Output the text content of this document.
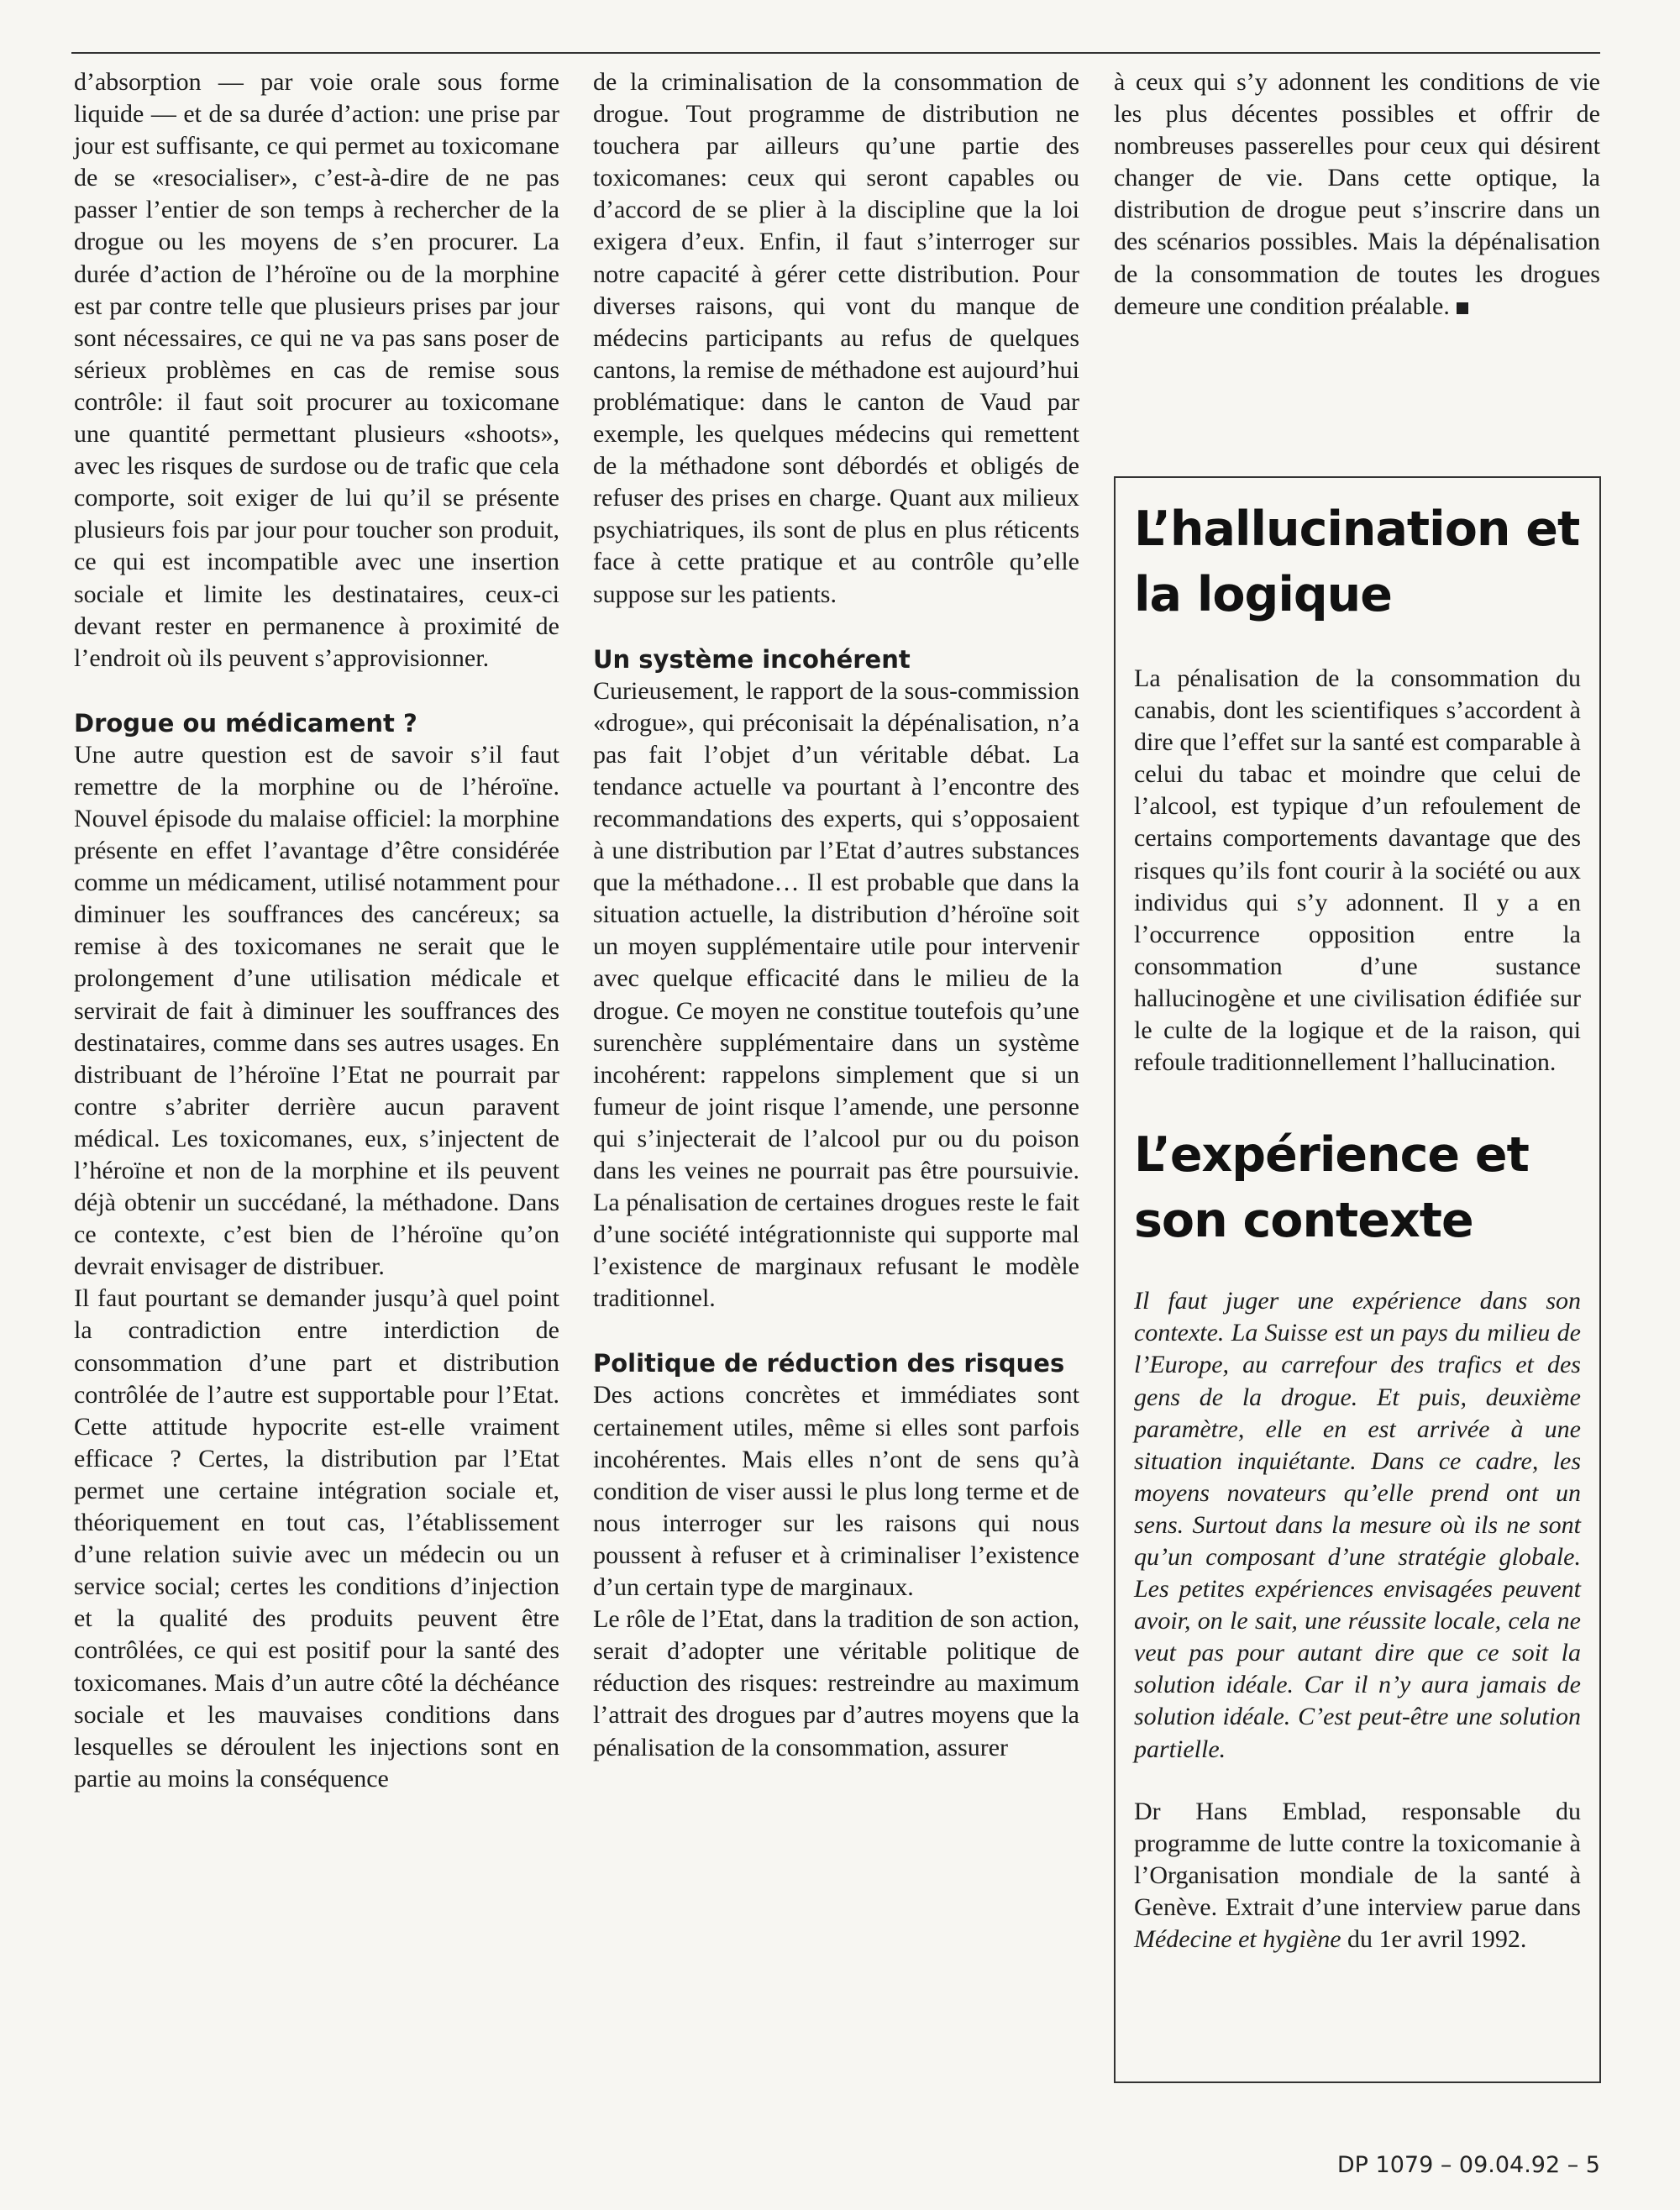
d’absorption — par voie orale sous forme liquide — et de sa durée d’action: une prise par jour est suffisante, ce qui permet au toxicomane de se «resocialiser», c’est-à-dire de ne pas passer l’entier de son temps à rechercher de la drogue ou les moyens de s’en procurer. La durée d’action de l’héroïne ou de la morphine est par contre telle que plusieurs prises par jour sont nécessaires, ce qui ne va pas sans poser de sérieux problèmes en cas de remise sous contrôle: il faut soit procurer au toxicomane une quantité permettant plusieurs «shoots», avec les risques de surdose ou de trafic que cela comporte, soit exiger de lui qu’il se présente plusieurs fois par jour pour toucher son produit, ce qui est incompatible avec une insertion sociale et limite les destinataires, ceux-ci devant rester en permanence à proximité de l’endroit où ils peuvent s’approvisionner.

Drogue ou médicament ?

Une autre question est de savoir s’il faut remettre de la morphine ou de l’héroïne. Nouvel épisode du malaise officiel: la morphine présente en effet l’avantage d’être considérée comme un médicament, utilisé notamment pour diminuer les souffrances des cancéreux; sa remise à des toxicomanes ne serait que le prolongement d’une utilisation médicale et servirait de fait à diminuer les souffrances des destinataires, comme dans ses autres usages. En distribuant de l’héroïne l’Etat ne pourrait par contre s’abriter derrière aucun paravent médical. Les toxicomanes, eux, s’injectent de l’héroïne et non de la morphine et ils peuvent déjà obtenir un succédané, la méthadone. Dans ce contexte, c’est bien de l’héroïne qu’on devrait envisager de distribuer.

Il faut pourtant se demander jusqu’à quel point la contradiction entre interdiction de consommation d’une part et distribution contrôlée de l’autre est supportable pour l’Etat. Cette attitude hypocrite est-elle vraiment efficace ? Certes, la distribution par l’Etat permet une certaine intégration sociale et, théoriquement en tout cas, l’établissement d’une relation suivie avec un médecin ou un service social; certes les conditions d’injection et la qualité des produits peuvent être contrôlées, ce qui est positif pour la santé des toxicomanes. Mais d’un autre côté la déchéance sociale et les mauvaises conditions dans lesquelles se déroulent les injections sont en partie au moins la conséquence

de la criminalisation de la consommation de drogue. Tout programme de distribution ne touchera par ailleurs qu’une partie des toxicomanes: ceux qui seront capables ou d’accord de se plier à la discipline que la loi exigera d’eux. Enfin, il faut s’interroger sur notre capacité à gérer cette distribution. Pour diverses raisons, qui vont du manque de médecins participants au refus de quelques cantons, la remise de méthadone est aujourd’hui problématique: dans le canton de Vaud par exemple, les quelques médecins qui remettent de la méthadone sont débordés et obligés de refuser des prises en charge. Quant aux milieux psychiatriques, ils sont de plus en plus réticents face à cette pratique et au contrôle qu’elle suppose sur les patients.

Un système incohérent

Curieusement, le rapport de la sous-commission «drogue», qui préconisait la dépénalisation, n’a pas fait l’objet d’un véritable débat. La tendance actuelle va pourtant à l’encontre des recommandations des experts, qui s’opposaient à une distribution par l’Etat d’autres substances que la méthadone… Il est probable que dans la situation actuelle, la distribution d’héroïne soit un moyen supplémentaire utile pour intervenir avec quelque efficacité dans le milieu de la drogue. Ce moyen ne constitue toutefois qu’une surenchère supplémentaire dans un système incohérent: rappelons simplement que si un fumeur de joint risque l’amende, une personne qui s’injecterait de l’alcool pur ou du poison dans les veines ne pourrait pas être poursuivie. La pénalisation de certaines drogues reste le fait d’une société intégrationniste qui supporte mal l’existence de marginaux refusant le modèle traditionnel.

Politique de réduction des risques

Des actions concrètes et immédiates sont certainement utiles, même si elles sont parfois incohérentes. Mais elles n’ont de sens qu’à condition de viser aussi le plus long terme et de nous interroger sur les raisons qui nous poussent à refuser et à criminaliser l’existence d’un certain type de marginaux.

Le rôle de l’Etat, dans la tradition de son action, serait d’adopter une véritable politique de réduction des risques: restreindre au maximum l’attrait des drogues par d’autres moyens que la pénalisation de la consommation, assurer

à ceux qui s’y adonnent les conditions de vie les plus décentes possibles et offrir de nombreuses passerelles pour ceux qui désirent changer de vie. Dans cette optique, la distribution de drogue peut s’inscrire dans un des scénarios possibles. Mais la dépénalisation de la consommation de toutes les drogues demeure une condition préalable.

L’hallucination et la logique

La pénalisation de la consommation du canabis, dont les scientifiques s’accordent à dire que l’effet sur la santé est comparable à celui du tabac et moindre que celui de l’alcool, est typique d’un refoulement de certains comportements davantage que des risques qu’ils font courir à la société ou aux individus qui s’y adonnent. Il y a en l’occurrence opposition entre la consommation d’une sustance hallucinogène et une civilisation édifiée sur le culte de la logique et de la raison, qui refoule traditionnellement l’hallucination.

L’expérience et son contexte

Il faut juger une expérience dans son contexte. La Suisse est un pays du milieu de l’Europe, au carrefour des trafics et des gens de la drogue. Et puis, deuxième paramètre, elle en est arrivée à une situation inquiétante. Dans ce cadre, les moyens novateurs qu’elle prend ont un sens. Surtout dans la mesure où ils ne sont qu’un composant d’une stratégie globale. Les petites expériences envisagées peuvent avoir, on le sait, une réussite locale, cela ne veut pas pour autant dire que ce soit la solution idéale. Car il n’y aura jamais de solution idéale. C’est peut-être une solution partielle.

Dr Hans Emblad, responsable du programme de lutte contre la toxicomanie à l’Organisation mondiale de la santé à Genève. Extrait d’une interview parue dans Médecine et hygiène du 1er avril 1992.

DP 1079 – 09.04.92 – 5
